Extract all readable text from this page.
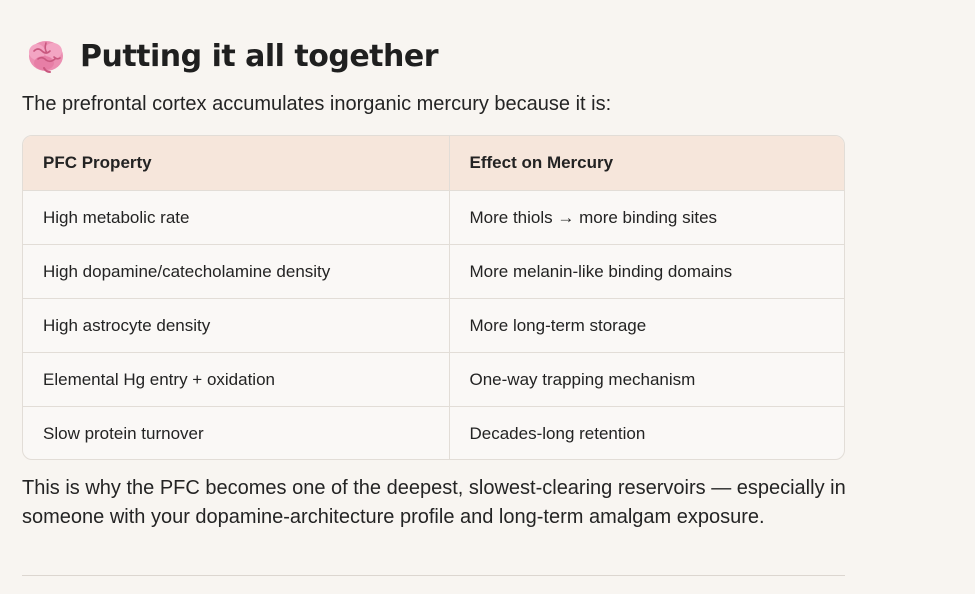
Putting it all together
The prefrontal cortex accumulates inorganic mercury because it is:
PFC Property	Effect on Mercury
High metabolic rate	More thiols → more binding sites
High dopamine/catecholamine density	More melanin-like binding domains
High astrocyte density	More long-term storage
Elemental Hg entry + oxidation	One-way trapping mechanism
Slow protein turnover	Decades-long retention
This is why the PFC becomes one of the deepest, slowest-clearing reservoirs — especially in someone with your dopamine-architecture profile and long-term amalgam exposure.
